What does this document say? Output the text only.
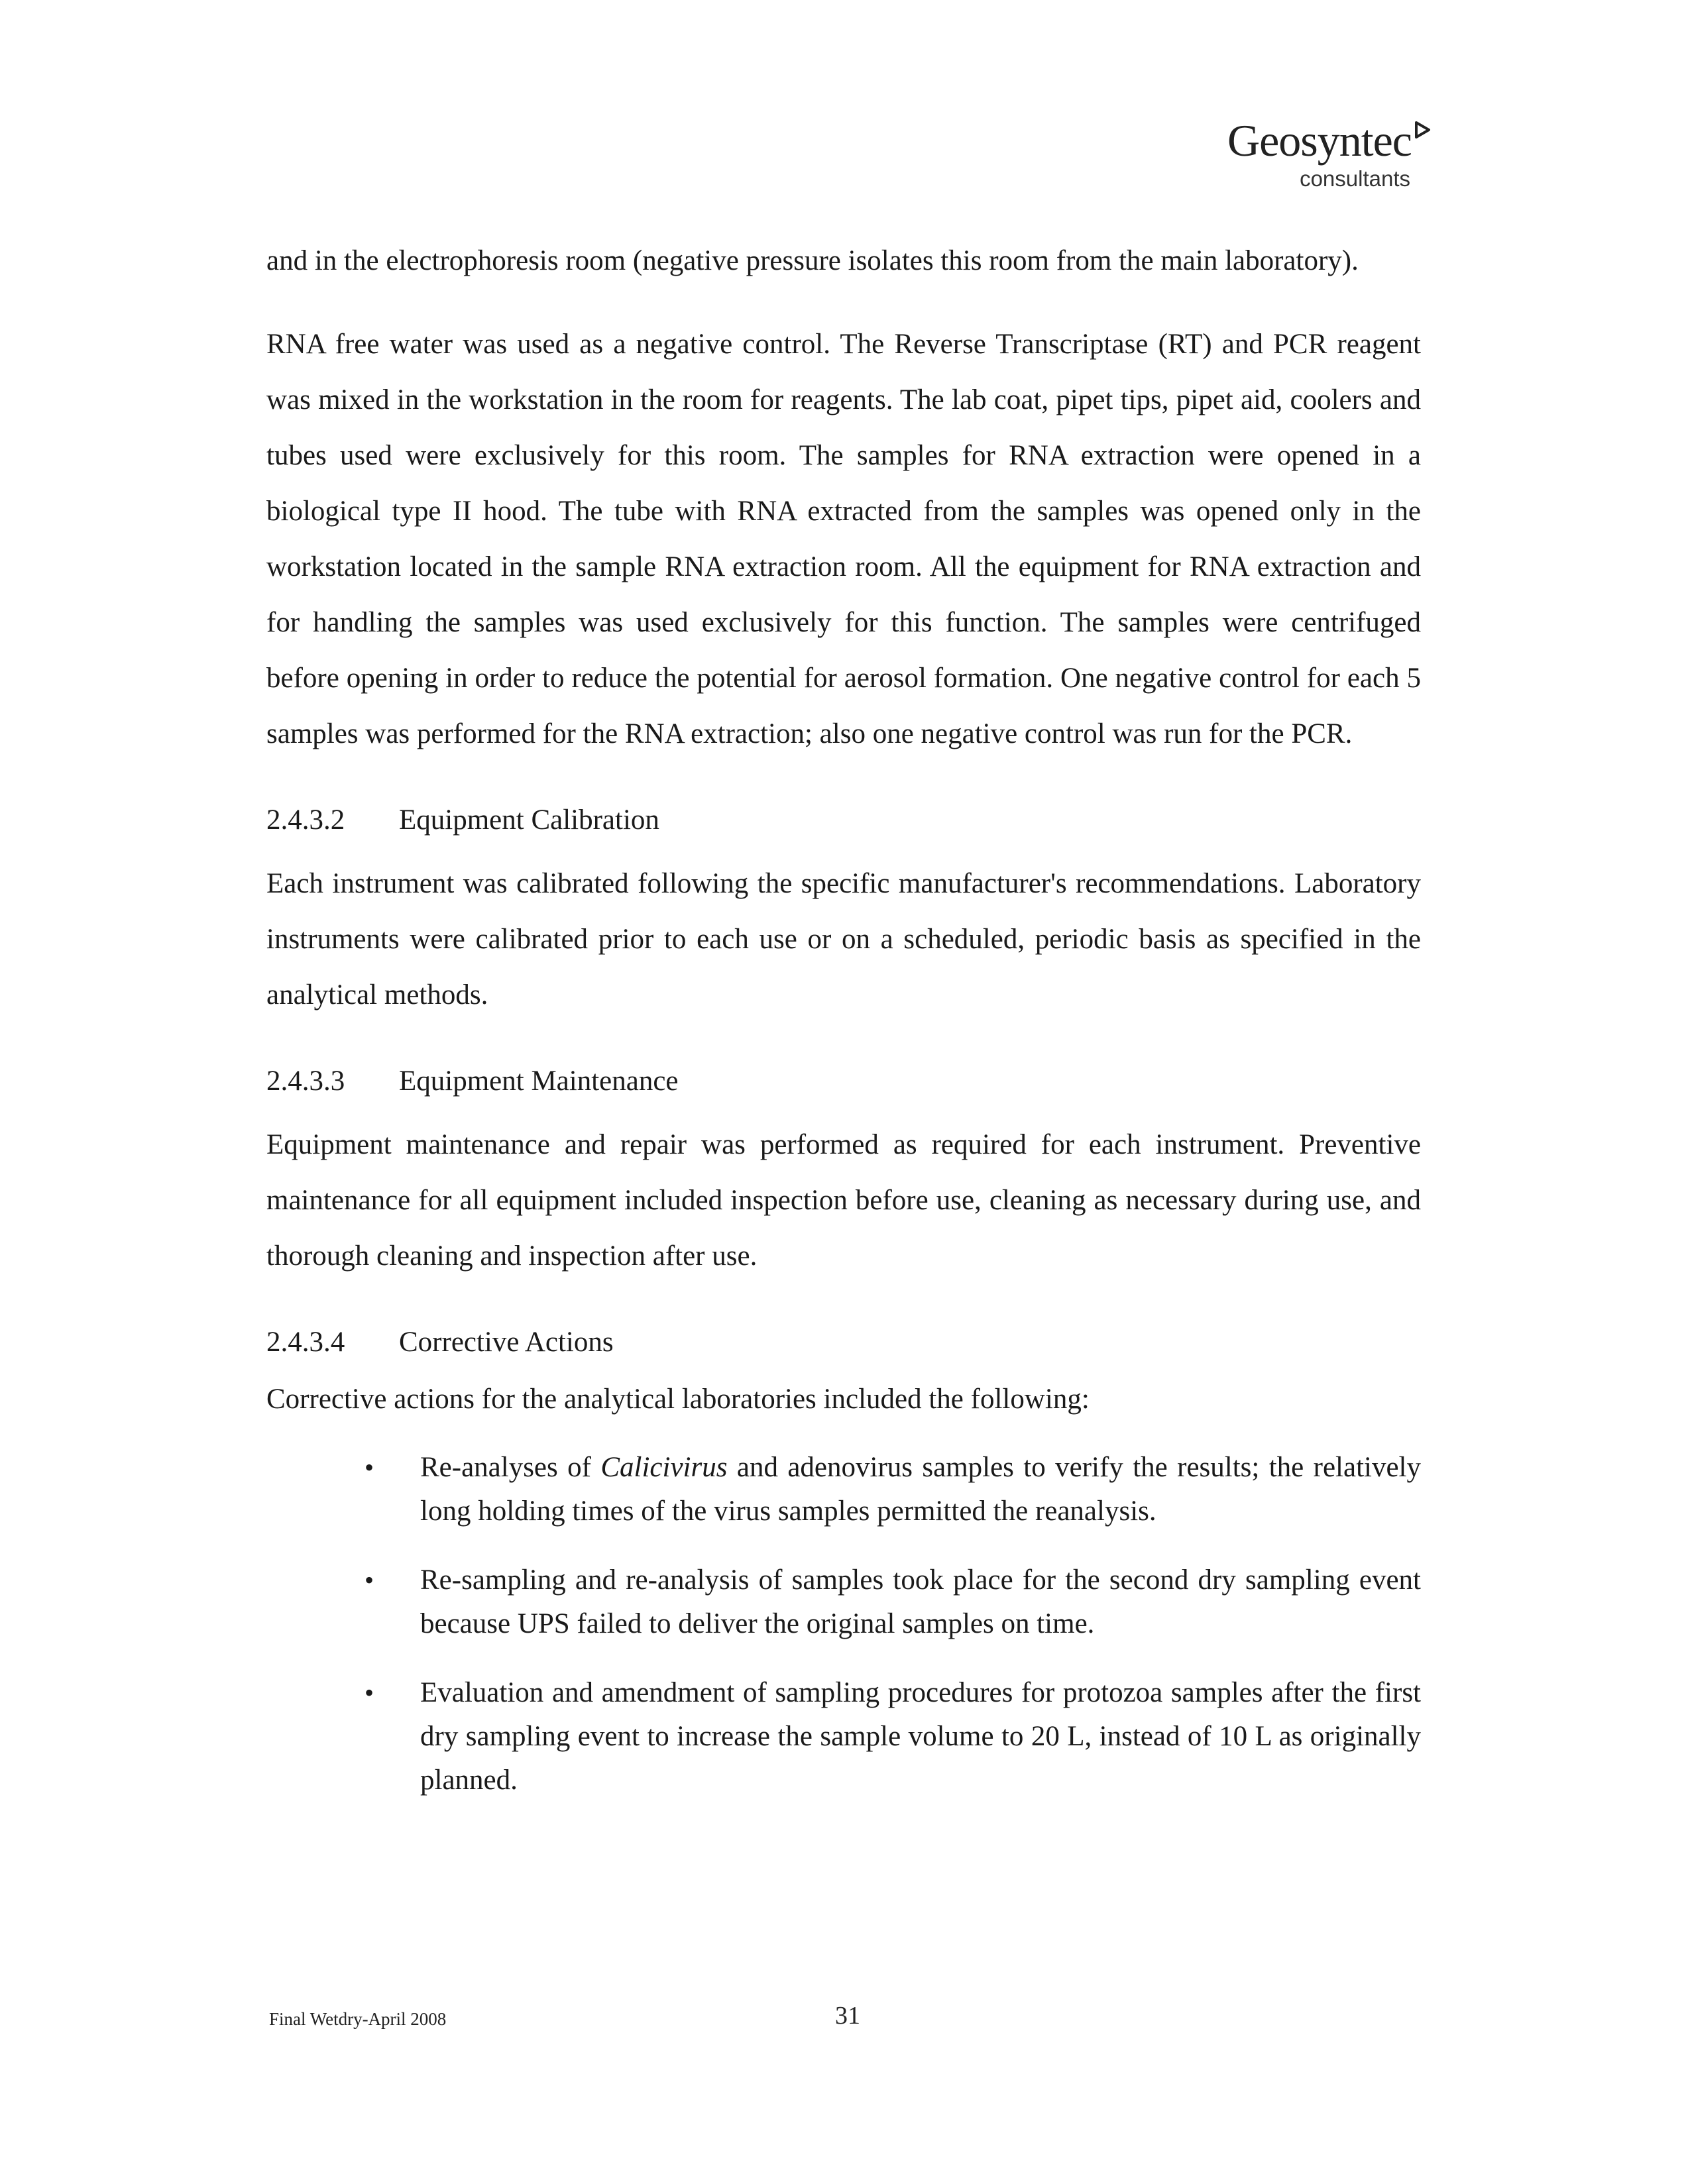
Geosyntec
consultants

and in the electrophoresis room (negative pressure isolates this room from the main laboratory).

RNA free water was used as a negative control. The Reverse Transcriptase (RT) and PCR reagent was mixed in the workstation in the room for reagents. The lab coat, pipet tips, pipet aid, coolers and tubes used were exclusively for this room. The samples for RNA extraction were opened in a biological type II hood. The tube with RNA extracted from the samples was opened only in the workstation located in the sample RNA extraction room. All the equipment for RNA extraction and for handling the samples was used exclusively for this function. The samples were centrifuged before opening in order to reduce the potential for aerosol formation. One negative control for each 5 samples was performed for the RNA extraction; also one negative control was run for the PCR.

2.4.3.2	Equipment Calibration

Each instrument was calibrated following the specific manufacturer's recommendations. Laboratory instruments were calibrated prior to each use or on a scheduled, periodic basis as specified in the analytical methods.

2.4.3.3	Equipment Maintenance

Equipment maintenance and repair was performed as required for each instrument. Preventive maintenance for all equipment included inspection before use, cleaning as necessary during use, and thorough cleaning and inspection after use.

2.4.3.4	Corrective Actions
Corrective actions for the analytical laboratories included the following:
•	Re-analyses of Calicivirus and adenovirus samples to verify the results; the relatively long holding times of the virus samples permitted the reanalysis.
•	Re-sampling and re-analysis of samples took place for the second dry sampling event because UPS failed to deliver the original samples on time.
•	Evaluation and amendment of sampling procedures for protozoa samples after the first dry sampling event to increase the sample volume to 20 L, instead of 10 L as originally planned.
Final Wetdry-April 2008	31
